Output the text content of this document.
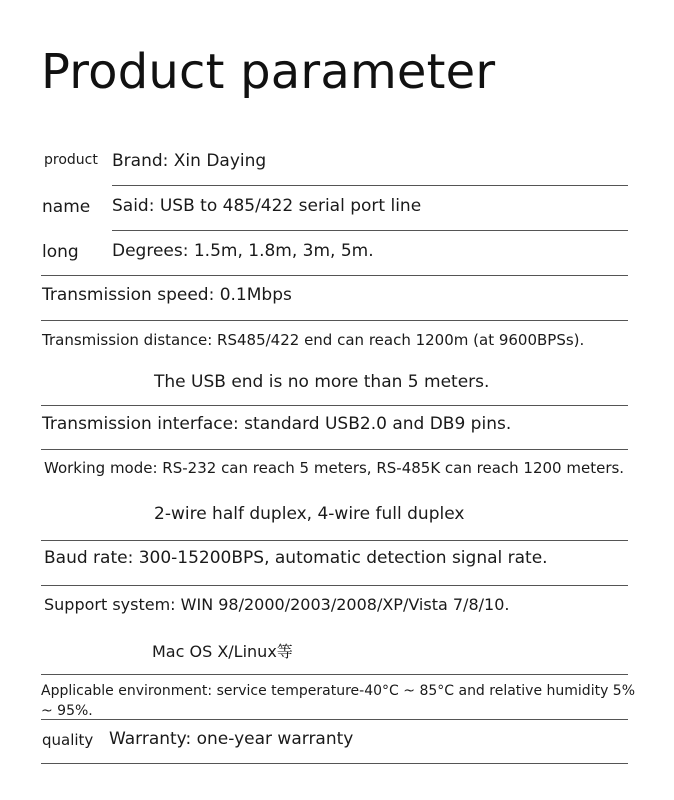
Product parameter
product Brand: Xin Daying
name Said: USB to 485/422 serial port line
long Degrees: 1.5m, 1.8m, 3m, 5m.
Transmission speed: 0.1Mbps
Transmission distance: RS485/422 end can reach 1200m (at 9600BPSs).
The USB end is no more than 5 meters.
Transmission interface: standard USB2.0 and DB9 pins.
Working mode: RS-232 can reach 5 meters, RS-485K can reach 1200 meters.
2-wire half duplex, 4-wire full duplex
Baud rate: 300-15200BPS, automatic detection signal rate.
Support system: WIN 98/2000/2003/2008/XP/Vista 7/8/10.
Mac OS X/Linux等
Applicable environment: service temperature-40°C ~ 85°C and relative humidity 5%
~ 95%.
quality Warranty: one-year warranty
